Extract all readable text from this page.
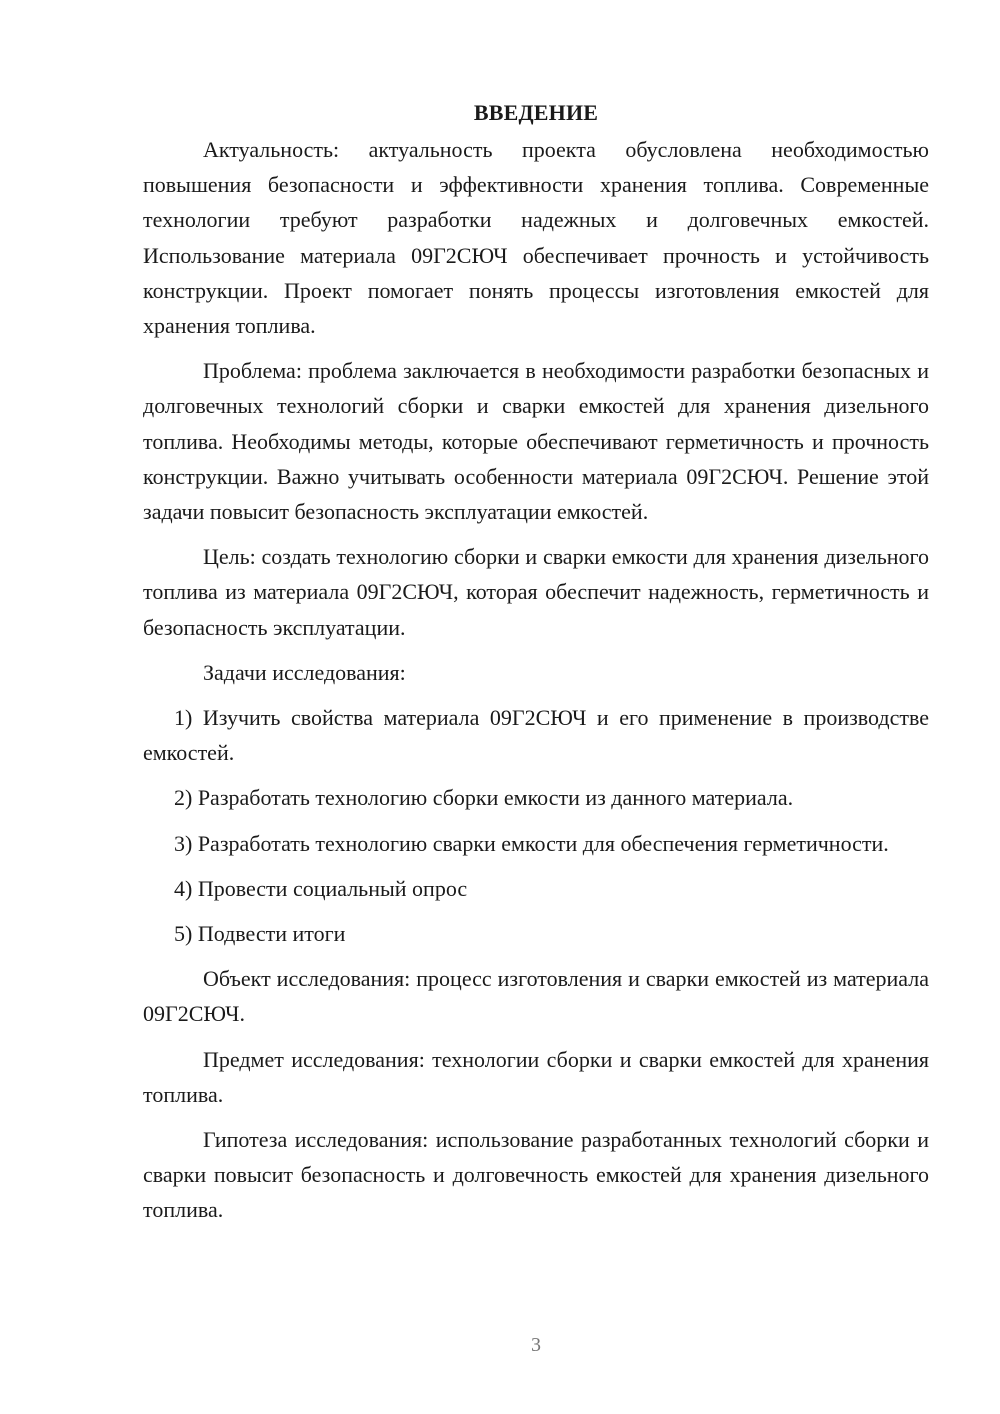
ВВЕДЕНИЕ

Актуальность: актуальность проекта обусловлена необходимостью повышения безопасности и эффективности хранения топлива. Современные технологии требуют разработки надежных и долговечных емкостей. Использование материала 09Г2СЮЧ обеспечивает прочность и устойчивость конструкции. Проект помогает понять процессы изготовления емкостей для хранения топлива.

Проблема: проблема заключается в необходимости разработки безопасных и долговечных технологий сборки и сварки емкостей для хранения дизельного топлива. Необходимы методы, которые обеспечивают герметичность и прочность конструкции. Важно учитывать особенности материала 09Г2СЮЧ. Решение этой задачи повысит безопасность эксплуатации емкостей.

Цель: создать технологию сборки и сварки емкости для хранения дизельного топлива из материала 09Г2СЮЧ, которая обеспечит надежность, герметичность и безопасность эксплуатации.

Задачи исследования:

1) Изучить свойства материала 09Г2СЮЧ и его применение в производстве емкостей.

2) Разработать технологию сборки емкости из данного материала.

3) Разработать технологию сварки емкости для обеспечения герметичности.

4) Провести социальный опрос

5) Подвести итоги

Объект исследования: процесс изготовления и сварки емкостей из материала 09Г2СЮЧ.

Предмет исследования: технологии сборки и сварки емкостей для хранения топлива.

Гипотеза исследования: использование разработанных технологий сборки и сварки повысит безопасность и долговечность емкостей для хранения дизельного топлива.

3
